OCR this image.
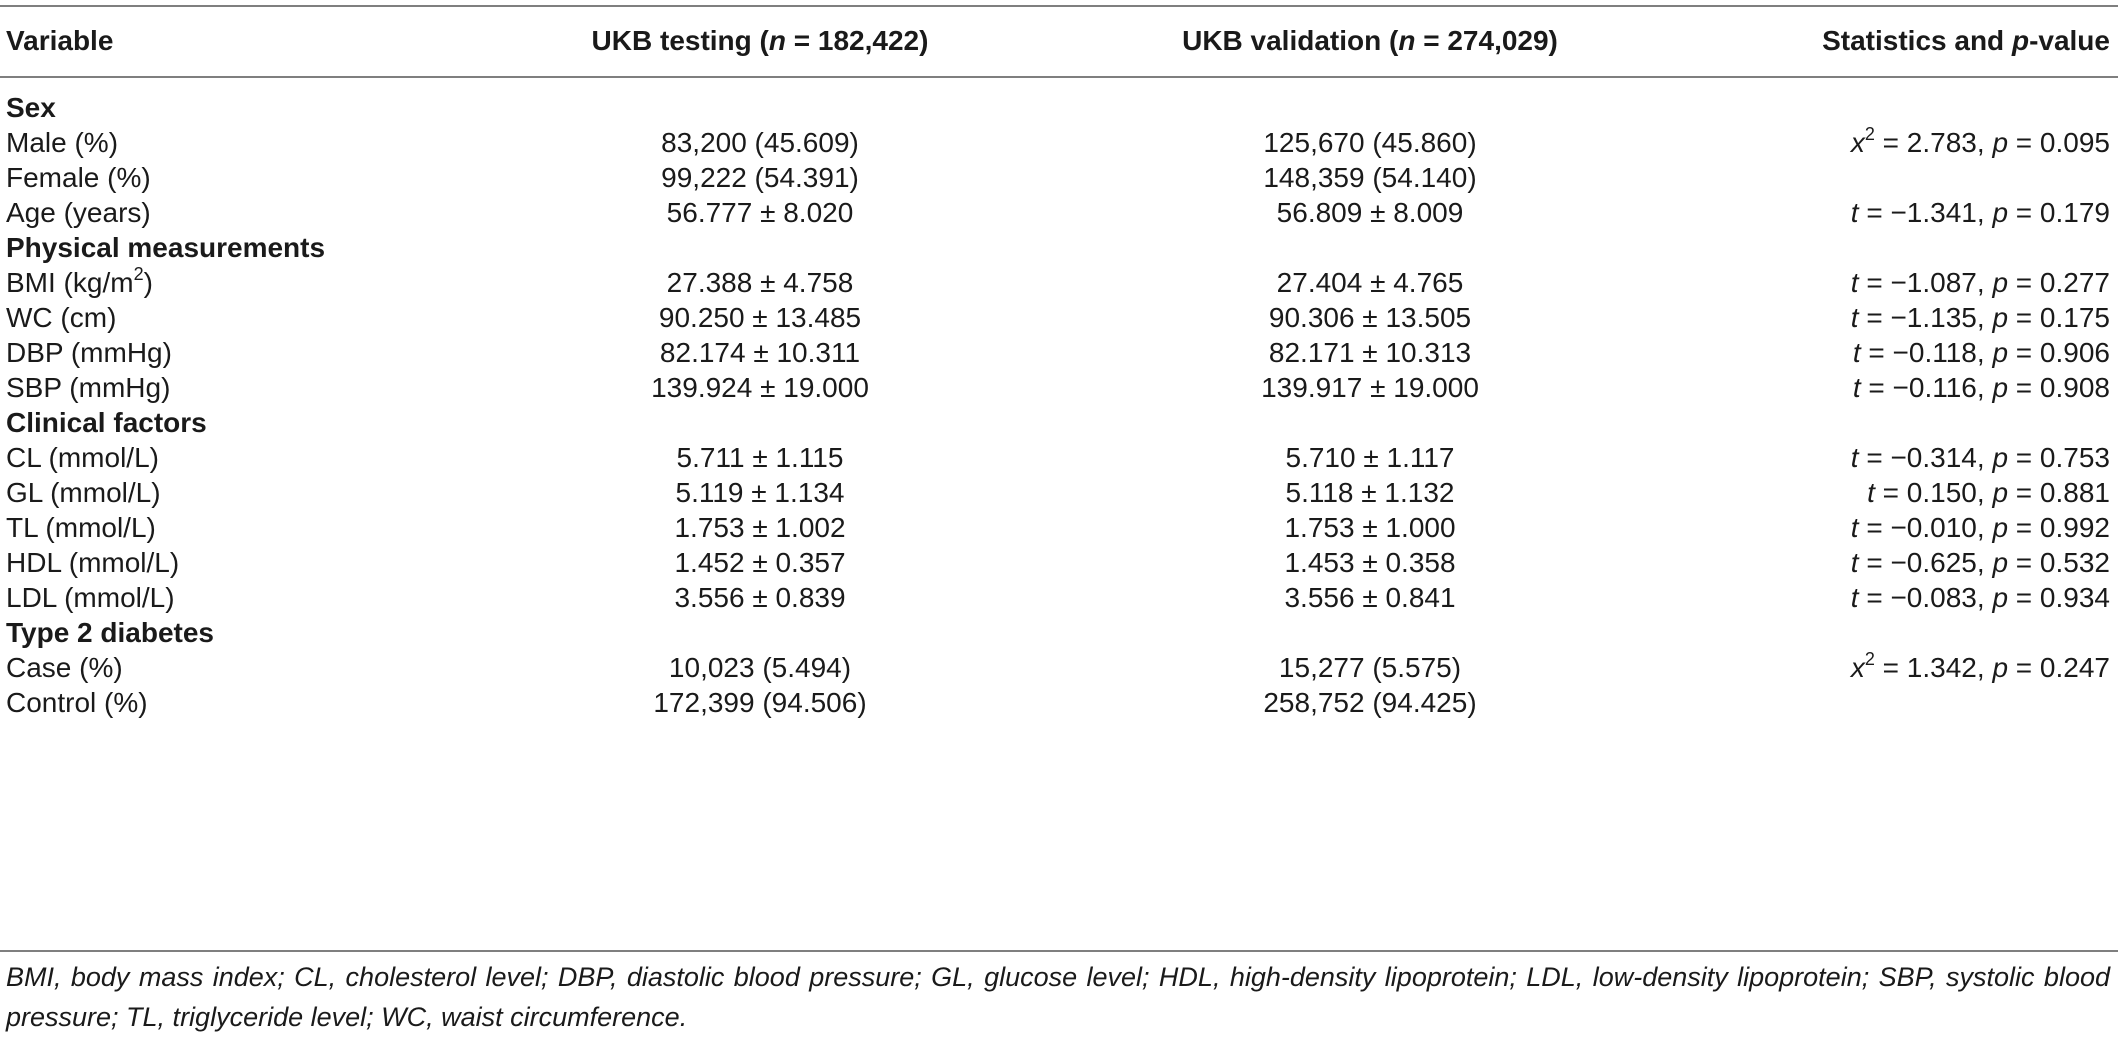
Variable	UKB testing (n = 182,422)	UKB validation (n = 274,029)	Statistics and p-value
Sex
Male (%)	83,200 (45.609)	125,670 (45.860)	$x^2 = 2.783$, p = 0.095
Female (%)	99,222 (54.391)	148,359 (54.140)
Age (years)	56.777 ± 8.020	56.809 ± 8.009	t = −1.341, p = 0.179
Physical measurements
BMI $(kg/m^2)$	27.388 ± 4.758	27.404 ± 4.765	t = −1.087, p = 0.277
WC (cm)	90.250 ± 13.485	90.306 ± 13.505	t = −1.135, p = 0.175
DBP (mmHg)	82.174 ± 10.311	82.171 ± 10.313	t = −0.118, p = 0.906
SBP (mmHg)	139.924 ± 19.000	139.917 ± 19.000	t = −0.116, p = 0.908
Clinical factors
CL (mmol/L)	5.711 ± 1.115	5.710 ± 1.117	t = −0.314, p = 0.753
GL (mmol/L)	5.119 ± 1.134	5.118 ± 1.132	t = 0.150, p = 0.881
TL (mmol/L)	1.753 ± 1.002	1.753 ± 1.000	t = −0.010, p = 0.992
HDL (mmol/L)	1.452 ± 0.357	1.453 ± 0.358	t = −0.625, p = 0.532
LDL (mmol/L)	3.556 ± 0.839	3.556 ± 0.841	t = −0.083, p = 0.934
Type 2 diabetes
Case (%)	10,023 (5.494)	15,277 (5.575)	$x^2 = 1.342$, p = 0.247
Control (%)	172,399 (94.506)	258,752 (94.425)
BMI, body mass index; CL, cholesterol level; DBP, diastolic blood pressure; GL, glucose level; HDL, high-density lipoprotein; LDL, low-density lipoprotein; SBP, systolic blood pressure; TL, triglyceride level; WC, waist circumference.
